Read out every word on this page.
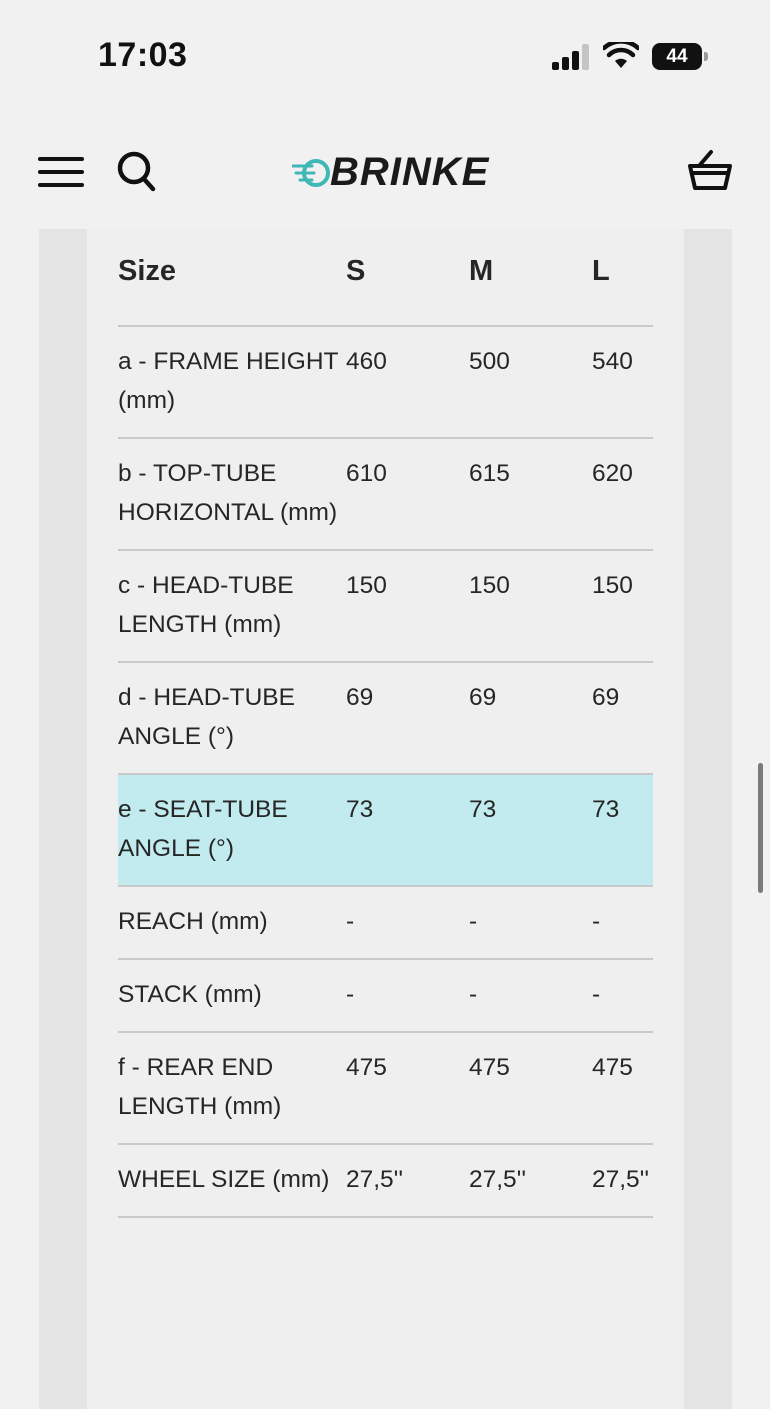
17:03	44
BRINKE
Size	S	M	L
a - FRAME HEIGHT (mm)	460	500	540
b - TOP-TUBE HORIZONTAL (mm)	610	615	620
c - HEAD-TUBE LENGTH (mm)	150	150	150
d - HEAD-TUBE ANGLE (°)	69	69	69
e - SEAT-TUBE ANGLE (°)	73	73	73
REACH (mm)	-	-	-
STACK (mm)	-	-	-
f - REAR END LENGTH (mm)	475	475	475
WHEEL SIZE (mm)	27,5''	27,5''	27,5''
